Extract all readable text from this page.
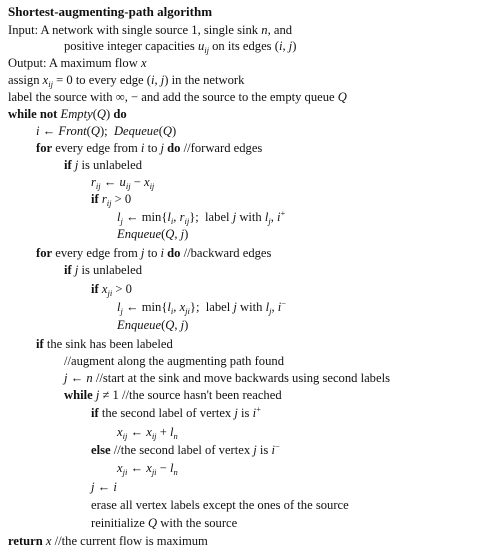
Shortest-augmenting-path algorithm
Input: A network with single source 1, single sink n, and
positive integer capacities $u_{ij}$ on its edges (i, j)
Output: A maximum flow x
assign $x_{ij} = 0$ to every edge (i, j) in the network
label the source with ∞, − and add the source to the empty queue Q
while not Empty(Q) do
i ← Front(Q);  Dequeue(Q)
for every edge from i to j do //forward edges
if j is unlabeled
$r_{ij}$ ← $u_{ij} - x_{ij}$
if $r_{ij} > 0$
$l_j$ ← $\min\{l_i$, $r_{ij}$};  label j with $l_j$, i+
Enqueue(Q, j)
for every edge from j to i do //backward edges
if j is unlabeled
if $x_{ji} > 0$
$l_j$ ← $\min\{l_i$, $x_{ji}$};  label j with $l_j$, i−
Enqueue(Q, j)
if the sink has been labeled
//augment along the augmenting path found
j ← n //start at the sink and move backwards using second labels
while j ≠ 1 //the source hasn't been reached
if the second label of vertex j is i+
$x_{ij}$ ← $x_{ij} + l_n$
else //the second label of vertex j is i−
$x_{ji}$ ← $x_{ji} - l_n$
j ← i
erase all vertex labels except the ones of the source
reinitialize Q with the source
return x //the current flow is maximum
